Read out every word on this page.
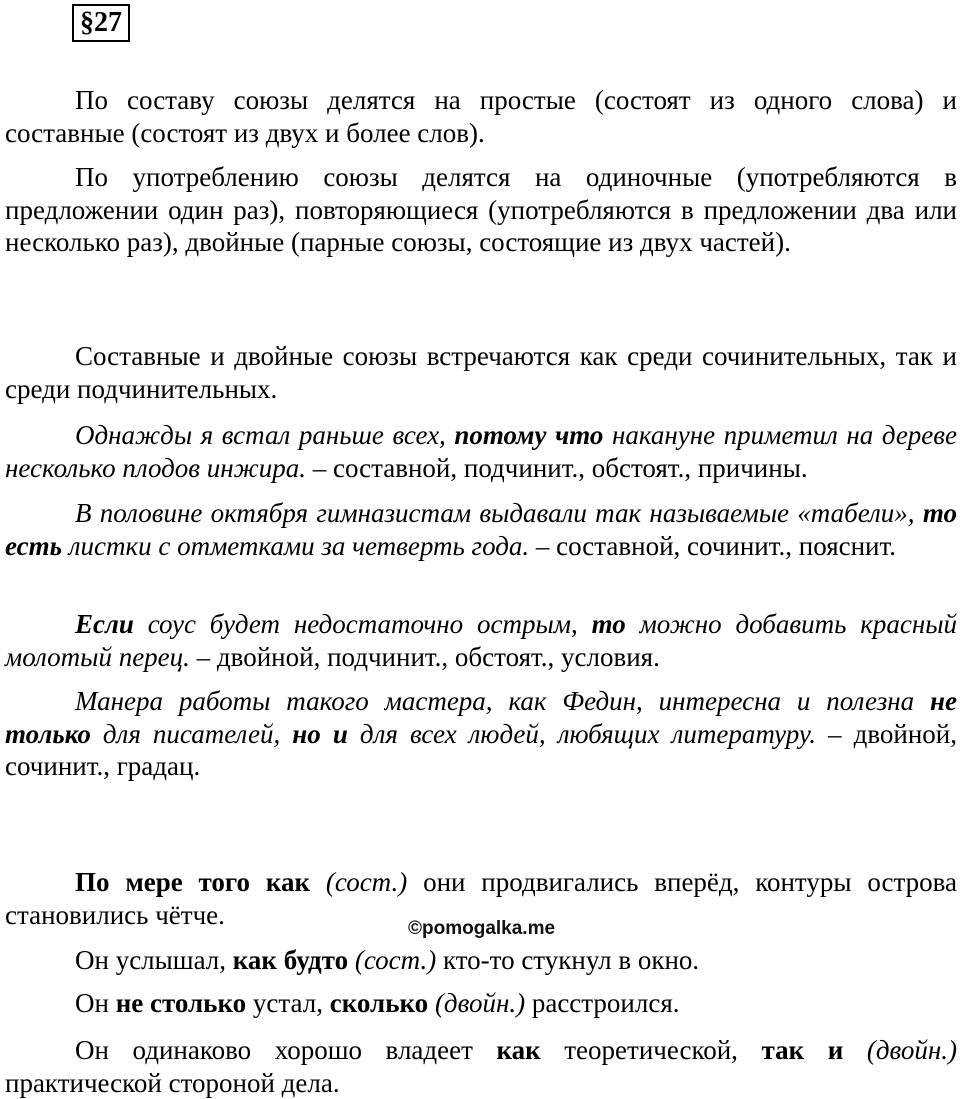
§27

По составу союзы делятся на простые (состоят из одного слова) и составные (состоят из двух и более слов).

По употреблению союзы делятся на одиночные (употребляются в предложении один раз), повторяющиеся (употребляются в предложении два или несколько раз), двойные (парные союзы, состоящие из двух частей).

Составные и двойные союзы встречаются как среди сочинительных, так и среди подчинительных.

Однажды я встал раньше всех, потому что накануне приметил на дереве несколько плодов инжира. – составной, подчинит., обстоят., причины.

В половине октября гимназистам выдавали так называемые «табели», то есть листки с отметками за четверть года. – составной, сочинит., пояснит.

Если соус будет недостаточно острым, то можно добавить красный молотый перец. – двойной, подчинит., обстоят., условия.

Манера работы такого мастера, как Федин, интересна и полезна не только для писателей, но и для всех людей, любящих литературу. – двойной, сочинит., градац.

По мере того как (сост.) они продвигались вперёд, контуры острова становились чётче.	©pomogalka.me

Он услышал, как будто (сост.) кто-то стукнул в окно.

Он не столько устал, сколько (двойн.) расстроился.

Он одинаково хорошо владеет как теоретической, так и (двойн.) практической стороной дела.
